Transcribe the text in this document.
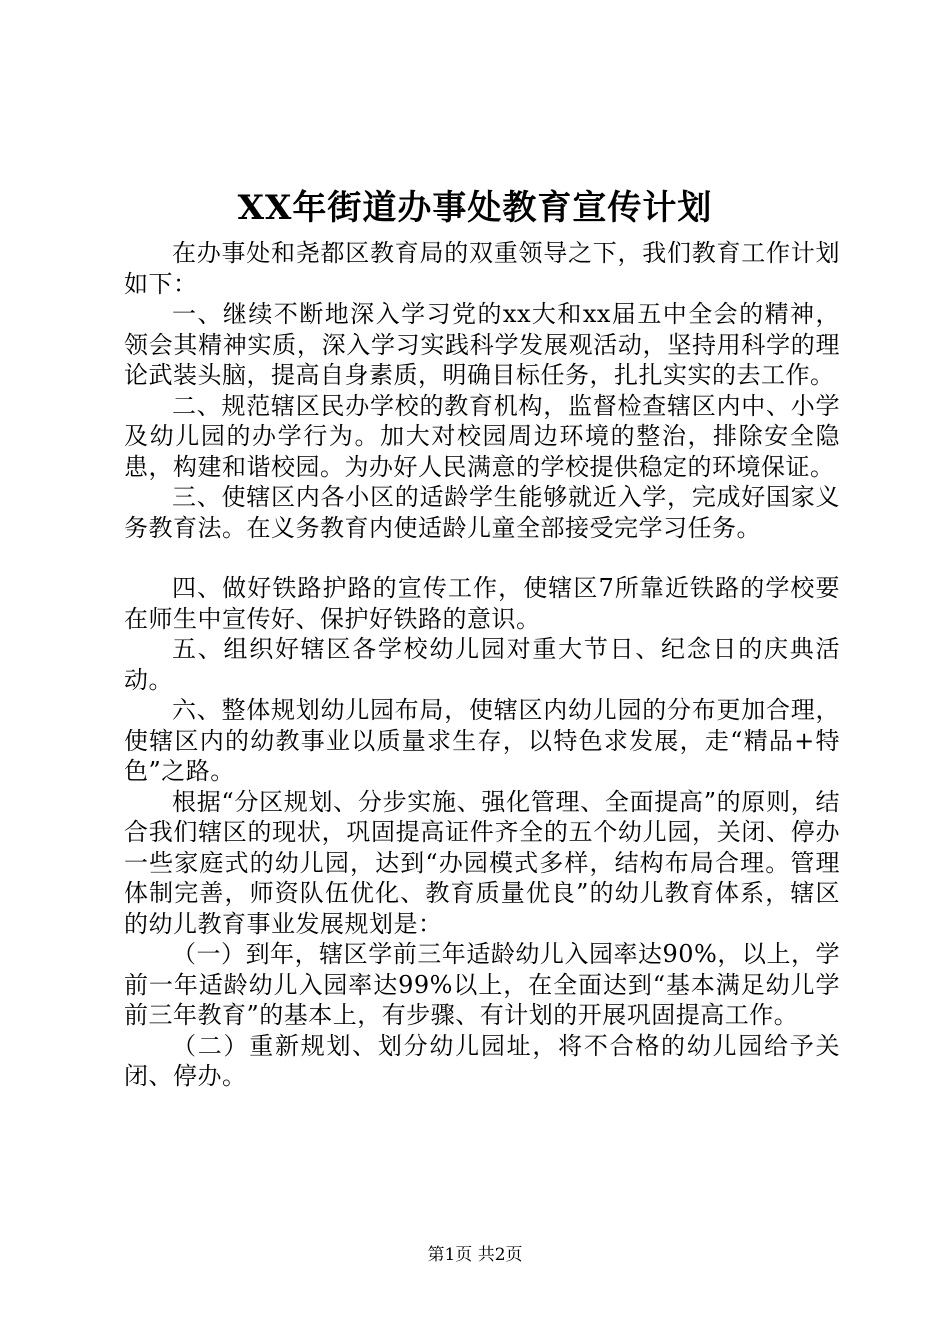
XX年街道办事处教育宣传计划

在办事处和尧都区教育局的双重领导之下，我们教育工作计划如下：

一、继续不断地深入学习党的xx大和xx届五中全会的精神，领会其精神实质，深入学习实践科学发展观活动，坚持用科学的理论武装头脑，提高自身素质，明确目标任务，扎扎实实的去工作。

二、规范辖区民办学校的教育机构，监督检查辖区内中、小学及幼儿园的办学行为。加大对校园周边环境的整治，排除安全隐患，构建和谐校园。为办好人民满意的学校提供稳定的环境保证。

三、使辖区内各小区的适龄学生能够就近入学，完成好国家义务教育法。在义务教育内使适龄儿童全部接受完学习任务。

四、做好铁路护路的宣传工作，使辖区7所靠近铁路的学校要在师生中宣传好、保护好铁路的意识。

五、组织好辖区各学校幼儿园对重大节日、纪念日的庆典活动。

六、整体规划幼儿园布局，使辖区内幼儿园的分布更加合理，使辖区内的幼教事业以质量求生存，以特色求发展，走“精品+特色”之路。

根据“分区规划、分步实施、强化管理、全面提高”的原则，结合我们辖区的现状，巩固提高证件齐全的五个幼儿园，关闭、停办一些家庭式的幼儿园，达到“办园模式多样，结构布局合理。管理体制完善，师资队伍优化、教育质量优良”的幼儿教育体系，辖区的幼儿教育事业发展规划是：

（一）到年，辖区学前三年适龄幼儿入园率达90%，以上，学前一年适龄幼儿入园率达99%以上，在全面达到“基本满足幼儿学前三年教育”的基本上，有步骤、有计划的开展巩固提高工作。

（二）重新规划、划分幼儿园址，将不合格的幼儿园给予关闭、停办。

第1页 共2页
